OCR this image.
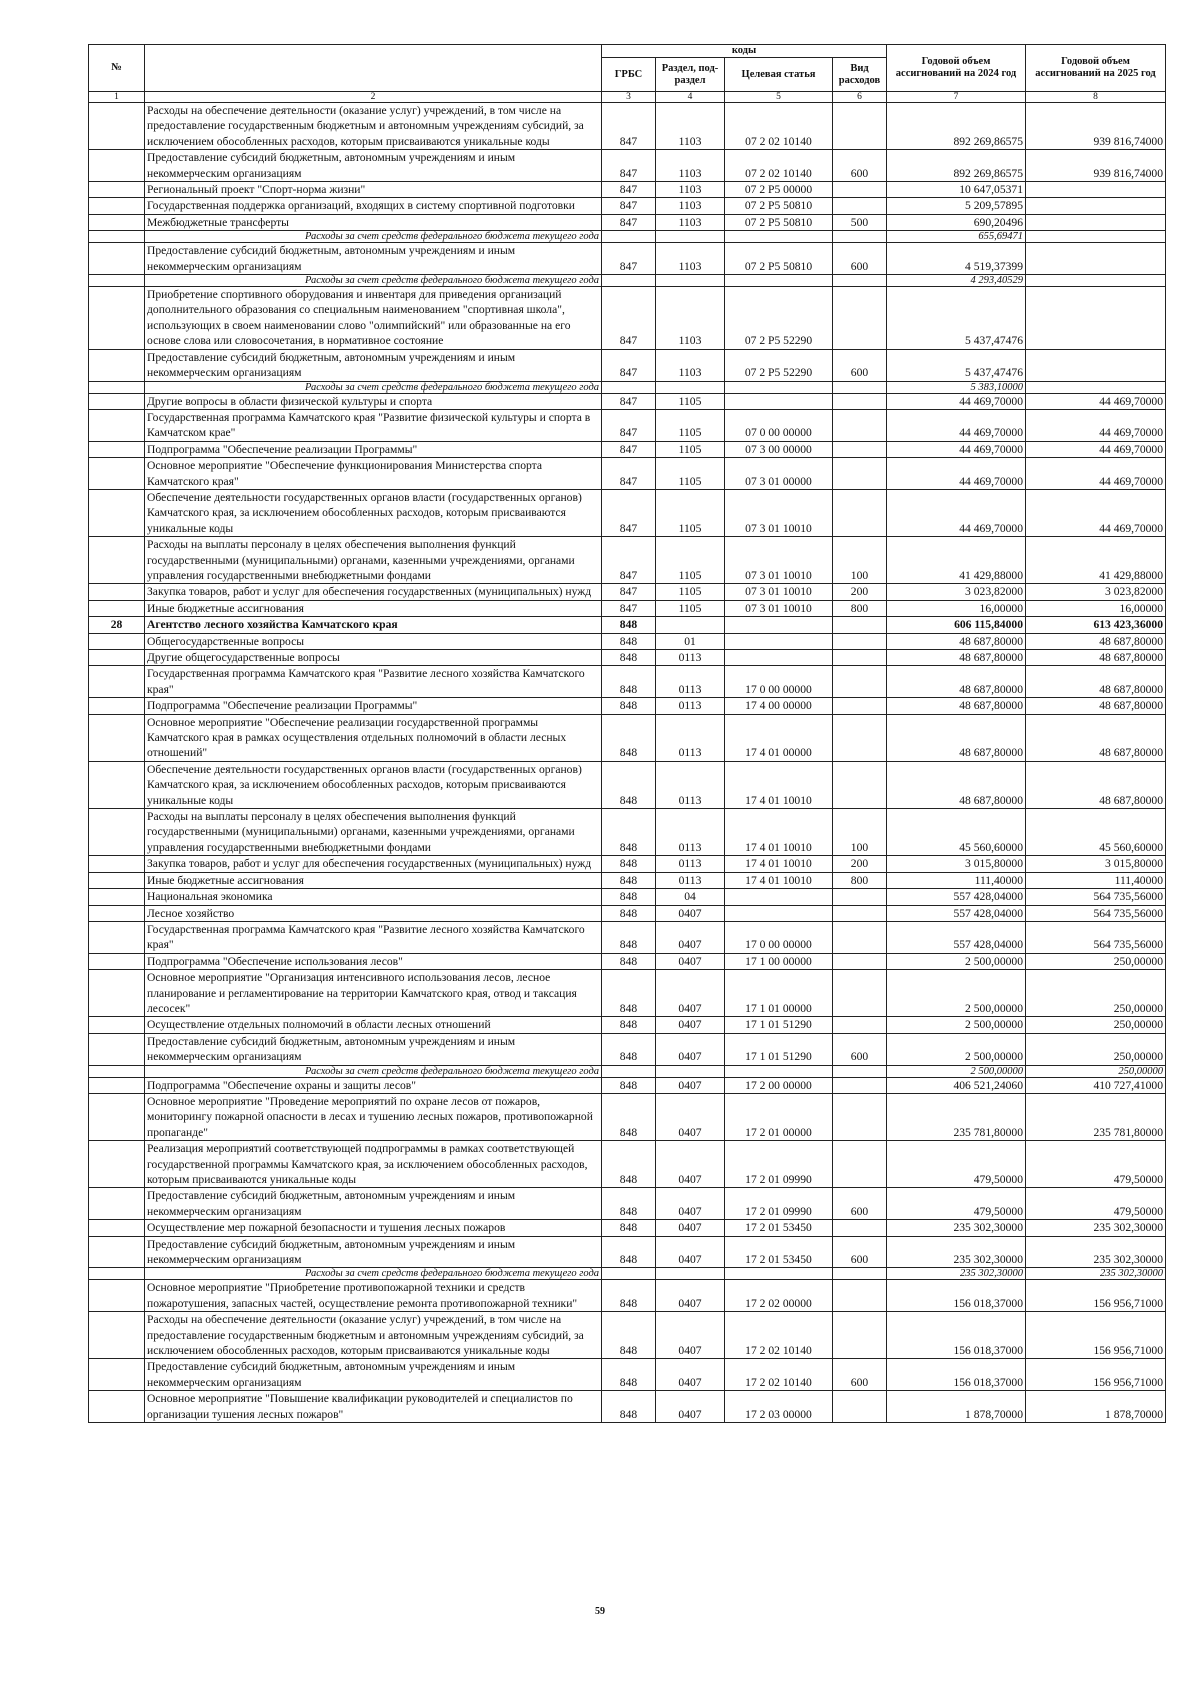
№		коды				Годовой объем ассигнований на 2024 год	Годовой объем ассигнований на 2025 год
		ГРБС	Раздел, под-раздел	Целевая статья	Вид расходов		
1	2	3	4	5	6	7	8
	Расходы на обеспечение деятельности (оказание услуг) учреждений, в том числе на предоставление государственным бюджетным и автономным учреждениям субсидий, за исключением обособленных расходов, которым присваиваются уникальные коды	847	1103	07 2 02 10140		892 269,86575	939 816,74000
	Предоставление субсидий бюджетным, автономным учреждениям и иным некоммерческим организациям	847	1103	07 2 02 10140	600	892 269,86575	939 816,74000
	Региональный проект "Спорт-норма жизни"	847	1103	07 2 P5 00000		10 647,05371	
	Государственная поддержка организаций, входящих в систему спортивной подготовки	847	1103	07 2 P5 50810		5 209,57895	
	Межбюджетные трансферты	847	1103	07 2 P5 50810	500	690,20496	
	Расходы за счет средств федерального бюджета текущего года					655,69471	
	Предоставление субсидий бюджетным, автономным учреждениям и иным некоммерческим организациям	847	1103	07 2 P5 50810	600	4 519,37399	
	Расходы за счет средств федерального бюджета текущего года					4 293,40529	
	Приобретение спортивного оборудования и инвентаря для приведения организаций дополнительного образования со специальным наименованием "спортивная школа", использующих в своем наименовании слово "олимпийский" или образованные на его основе слова или словосочетания, в нормативное состояние	847	1103	07 2 P5 52290		5 437,47476	
	Предоставление субсидий бюджетным, автономным учреждениям и иным некоммерческим организациям	847	1103	07 2 P5 52290	600	5 437,47476	
	Расходы за счет средств федерального бюджета текущего года					5 383,10000	
	Другие вопросы в области физической культуры и спорта	847	1105			44 469,70000	44 469,70000
	Государственная программа Камчатского края "Развитие физической культуры и спорта в Камчатском крае"	847	1105	07 0 00 00000		44 469,70000	44 469,70000
	Подпрограмма "Обеспечение реализации Программы"	847	1105	07 3 00 00000		44 469,70000	44 469,70000
	Основное мероприятие "Обеспечение функционирования Министерства спорта Камчатского края"	847	1105	07 3 01 00000		44 469,70000	44 469,70000
	Обеспечение деятельности государственных органов власти (государственных органов) Камчатского края, за исключением обособленных расходов, которым присваиваются уникальные коды	847	1105	07 3 01 10010		44 469,70000	44 469,70000
	Расходы на выплаты персоналу в целях обеспечения выполнения функций государственными (муниципальными) органами, казенными учреждениями, органами управления государственными внебюджетными фондами	847	1105	07 3 01 10010	100	41 429,88000	41 429,88000
	Закупка товаров, работ и услуг для обеспечения государственных (муниципальных) нужд	847	1105	07 3 01 10010	200	3 023,82000	3 023,82000
	Иные бюджетные ассигнования	847	1105	07 3 01 10010	800	16,00000	16,00000
28	Агентство лесного хозяйства Камчатского края	848				606 115,84000	613 423,36000
	Общегосударственные вопросы	848	01			48 687,80000	48 687,80000
	Другие общегосударственные вопросы	848	0113			48 687,80000	48 687,80000
	Государственная программа Камчатского края "Развитие лесного хозяйства Камчатского края"	848	0113	17 0 00 00000		48 687,80000	48 687,80000
	Подпрограмма "Обеспечение реализации Программы"	848	0113	17 4 00 00000		48 687,80000	48 687,80000
	Основное мероприятие "Обеспечение реализации государственной программы Камчатского края в рамках осуществления отдельных полномочий в области лесных отношений"	848	0113	17 4 01 00000		48 687,80000	48 687,80000
	Обеспечение деятельности государственных органов власти (государственных органов) Камчатского края, за исключением обособленных расходов, которым присваиваются уникальные коды	848	0113	17 4 01 10010		48 687,80000	48 687,80000
	Расходы на выплаты персоналу в целях обеспечения выполнения функций государственными (муниципальными) органами, казенными учреждениями, органами управления государственными внебюджетными фондами	848	0113	17 4 01 10010	100	45 560,60000	45 560,60000
	Закупка товаров, работ и услуг для обеспечения государственных (муниципальных) нужд	848	0113	17 4 01 10010	200	3 015,80000	3 015,80000
	Иные бюджетные ассигнования	848	0113	17 4 01 10010	800	111,40000	111,40000
	Национальная экономика	848	04			557 428,04000	564 735,56000
	Лесное хозяйство	848	0407			557 428,04000	564 735,56000
	Государственная программа Камчатского края "Развитие лесного хозяйства Камчатского края"	848	0407	17 0 00 00000		557 428,04000	564 735,56000
	Подпрограмма "Обеспечение использования лесов"	848	0407	17 1 00 00000		2 500,00000	250,00000
	Основное мероприятие "Организация интенсивного использования лесов, лесное планирование и регламентирование на территории Камчатского края, отвод и таксация лесосек"	848	0407	17 1 01 00000		2 500,00000	250,00000
	Осуществление отдельных полномочий в области лесных отношений	848	0407	17 1 01 51290		2 500,00000	250,00000
	Предоставление субсидий бюджетным, автономным учреждениям и иным некоммерческим организациям	848	0407	17 1 01 51290	600	2 500,00000	250,00000
	Расходы за счет средств федерального бюджета текущего года					2 500,00000	250,00000
	Подпрограмма "Обеспечение охраны и защиты лесов"	848	0407	17 2 00 00000		406 521,24060	410 727,41000
	Основное мероприятие "Проведение мероприятий по охране лесов от пожаров, мониторингу пожарной опасности в лесах и тушению лесных пожаров, противопожарной пропаганде"	848	0407	17 2 01 00000		235 781,80000	235 781,80000
	Реализация мероприятий соответствующей подпрограммы в рамках соответствующей государственной программы Камчатского края, за исключением обособленных расходов, которым присваиваются уникальные коды	848	0407	17 2 01 09990		479,50000	479,50000
	Предоставление субсидий бюджетным, автономным учреждениям и иным некоммерческим организациям	848	0407	17 2 01 09990	600	479,50000	479,50000
	Осуществление мер пожарной безопасности и тушения лесных пожаров	848	0407	17 2 01 53450		235 302,30000	235 302,30000
	Предоставление субсидий бюджетным, автономным учреждениям и иным некоммерческим организациям	848	0407	17 2 01 53450	600	235 302,30000	235 302,30000
	Расходы за счет средств федерального бюджета текущего года					235 302,30000	235 302,30000
	Основное мероприятие "Приобретение противопожарной техники и средств пожаротушения, запасных частей, осуществление ремонта противопожарной техники"	848	0407	17 2 02 00000		156 018,37000	156 956,71000
	Расходы на обеспечение деятельности (оказание услуг) учреждений, в том числе на предоставление государственным бюджетным и автономным учреждениям субсидий, за исключением обособленных расходов, которым присваиваются уникальные коды	848	0407	17 2 02 10140		156 018,37000	156 956,71000
	Предоставление субсидий бюджетным, автономным учреждениям и иным некоммерческим организациям	848	0407	17 2 02 10140	600	156 018,37000	156 956,71000
	Основное мероприятие "Повышение квалификации руководителей и специалистов по организации тушения лесных пожаров"	848	0407	17 2 03 00000		1 878,70000	1 878,70000
59
